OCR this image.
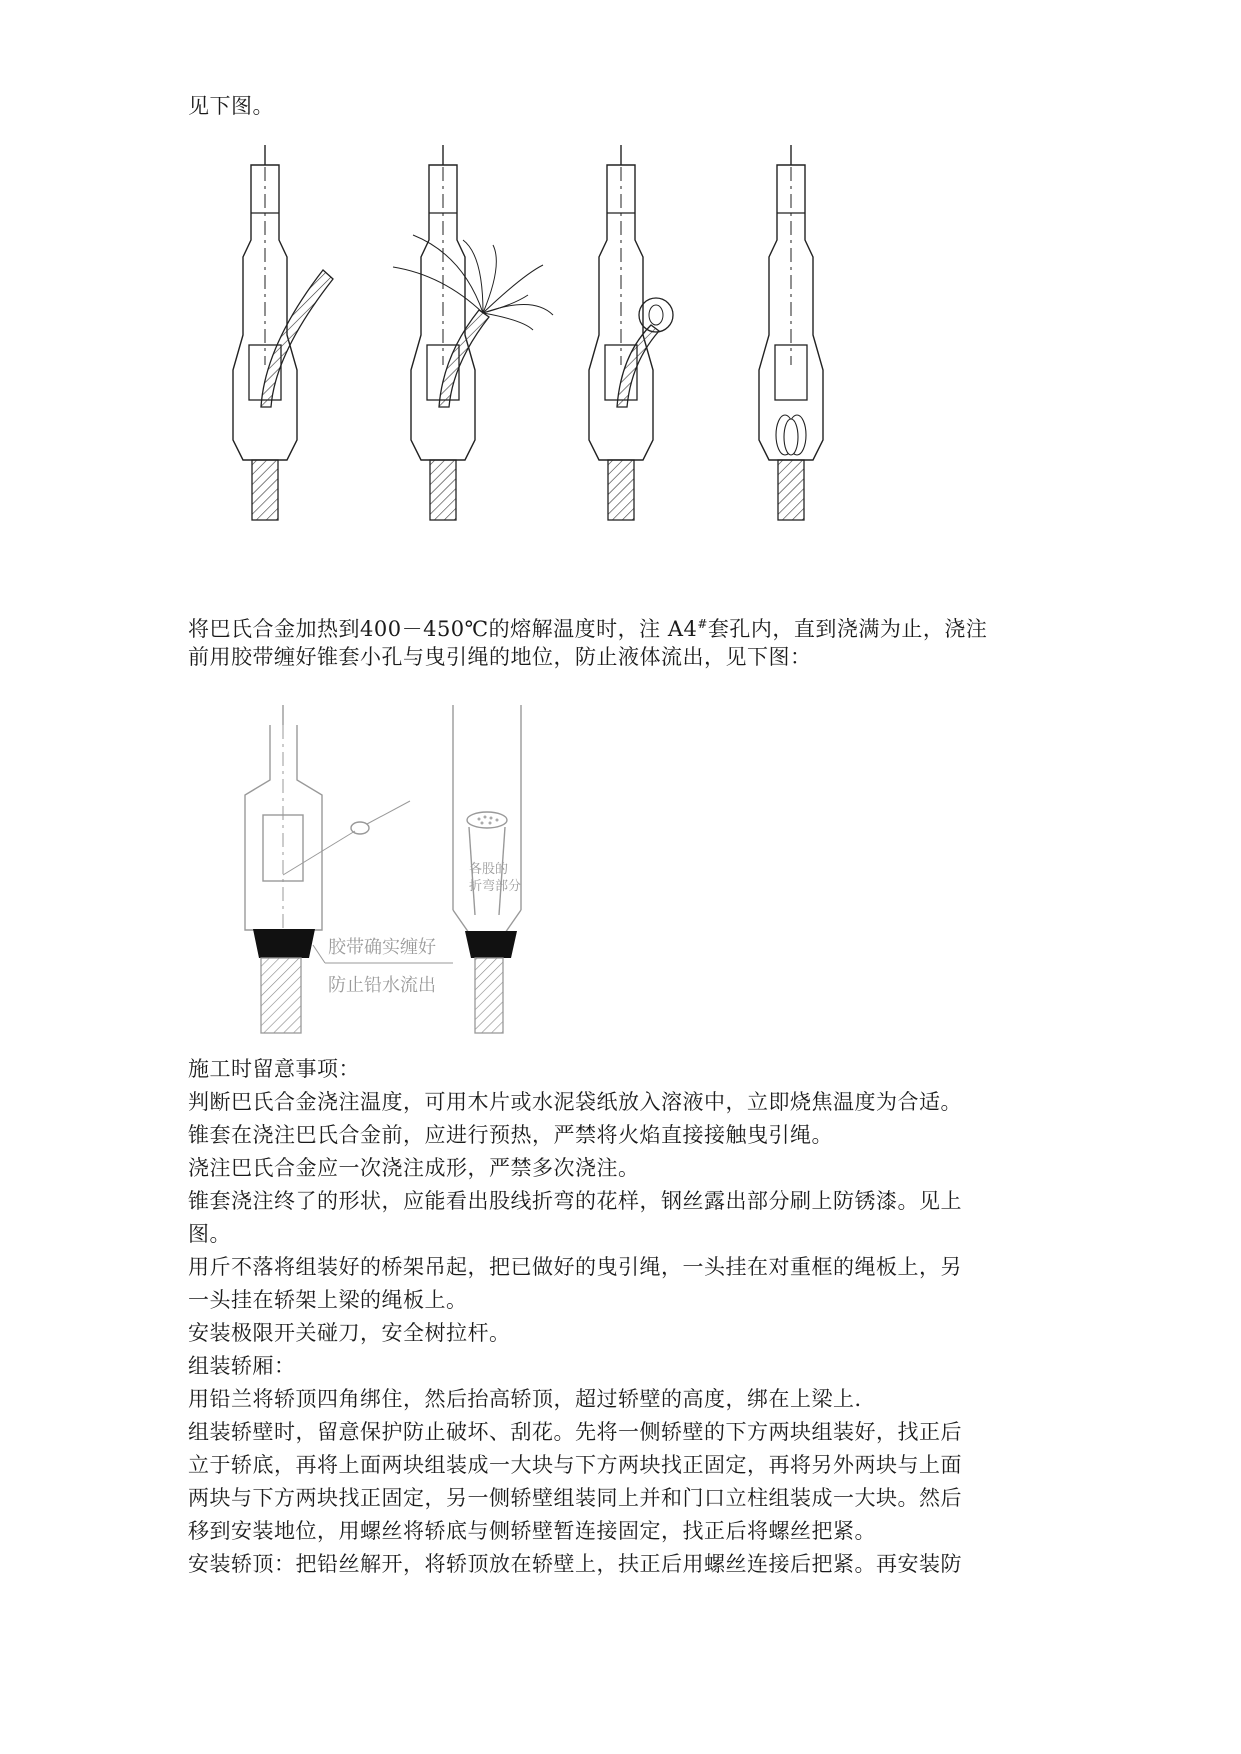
见下图。
将巴氏合金加热到400－450℃的熔解温度时，注 A4#套孔内，直到浇满为止，浇注
前用胶带缠好锥套小孔与曳引绳的地位，防止液体流出，见下图：
各股的
折弯部分
胶带确实缠好
防止铅水流出
施工时留意事项：
判断巴氏合金浇注温度，可用木片或水泥袋纸放入溶液中，立即烧焦温度为合适。
锥套在浇注巴氏合金前，应进行预热，严禁将火焰直接接触曳引绳。
浇注巴氏合金应一次浇注成形，严禁多次浇注。
锥套浇注终了的形状，应能看出股线折弯的花样，钢丝露出部分刷上防锈漆。见上
图。
用斤不落将组装好的桥架吊起，把已做好的曳引绳，一头挂在对重框的绳板上，另
一头挂在轿架上梁的绳板上。
安装极限开关碰刀，安全树拉杆。
组装轿厢：
用铅兰将轿顶四角绑住，然后抬高轿顶，超过轿壁的高度，绑在上梁上．
组装轿壁时，留意保护防止破坏、刮花。先将一侧轿壁的下方两块组装好，找正后
立于轿底，再将上面两块组装成一大块与下方两块找正固定，再将另外两块与上面
两块与下方两块找正固定，另一侧轿壁组装同上并和门口立柱组装成一大块。然后
移到安装地位，用螺丝将轿底与侧轿壁暂连接固定，找正后将螺丝把紧。
安装轿顶：把铅丝解开，将轿顶放在轿壁上，扶正后用螺丝连接后把紧。再安装防
